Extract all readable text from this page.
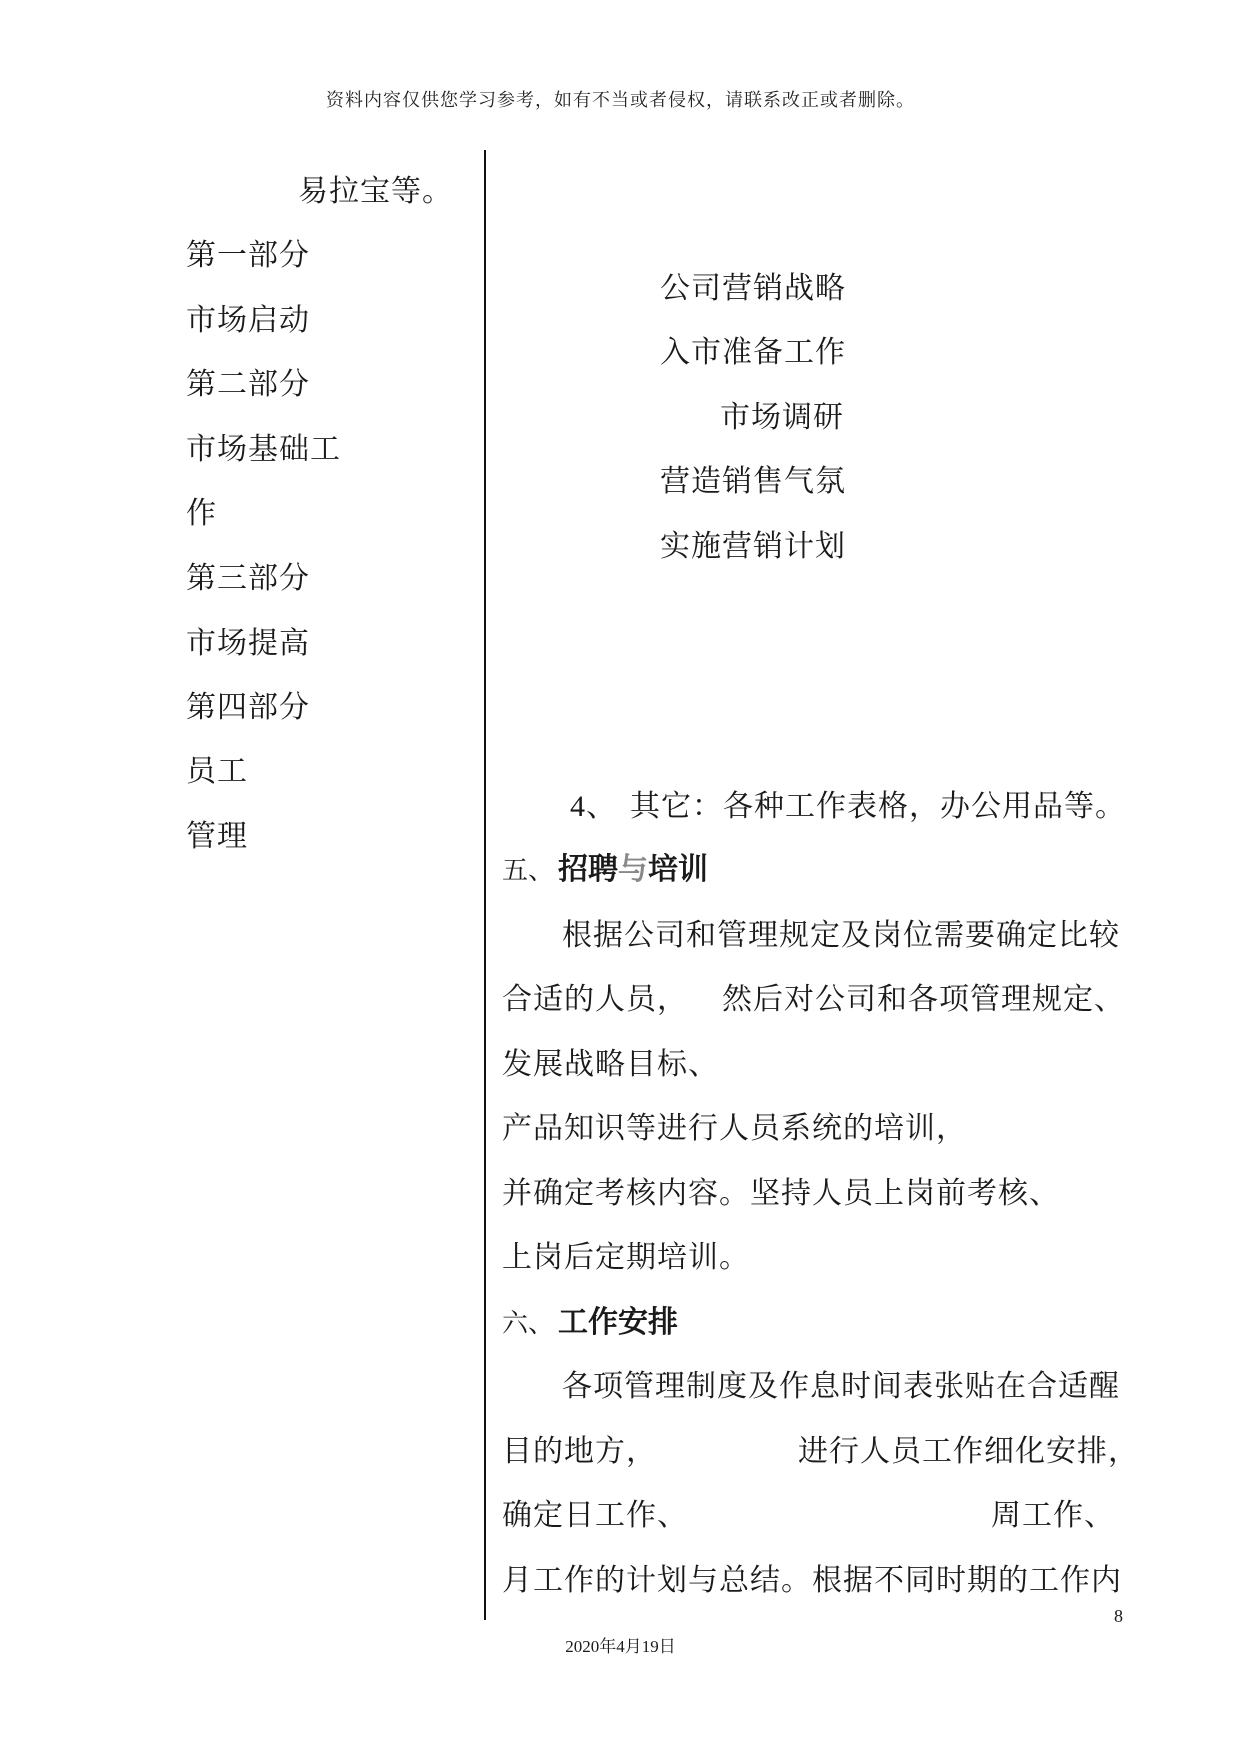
资料内容仅供您学习参考，如有不当或者侵权，请联系改正或者删除。
易拉宝等。
第一部分
市场启动
第二部分
市场基础工
作
第三部分
市场提高
第四部分
员工
管理
公司营销战略
入市准备工作
市场调研
营造销售气氛
实施营销计划
4、 其它：各种工作表格，办公用品等。
五、 招聘与培训
根据公司和管理规定及岗位需要确定比较
合适的人员， 然后对公司和各项管理规定、
发展战略目标、
产品知识等进行人员系统的培训，
并确定考核内容。坚持人员上岗前考核、
上岗后定期培训。
六、 工作安排
各项管理制度及作息时间表张贴在合适醒
目的地方，	进行人员工作细化安排，
确定日工作、	周工作、
月工作的计划与总结。根据不同时期的工作内
8
2020年4月19日
